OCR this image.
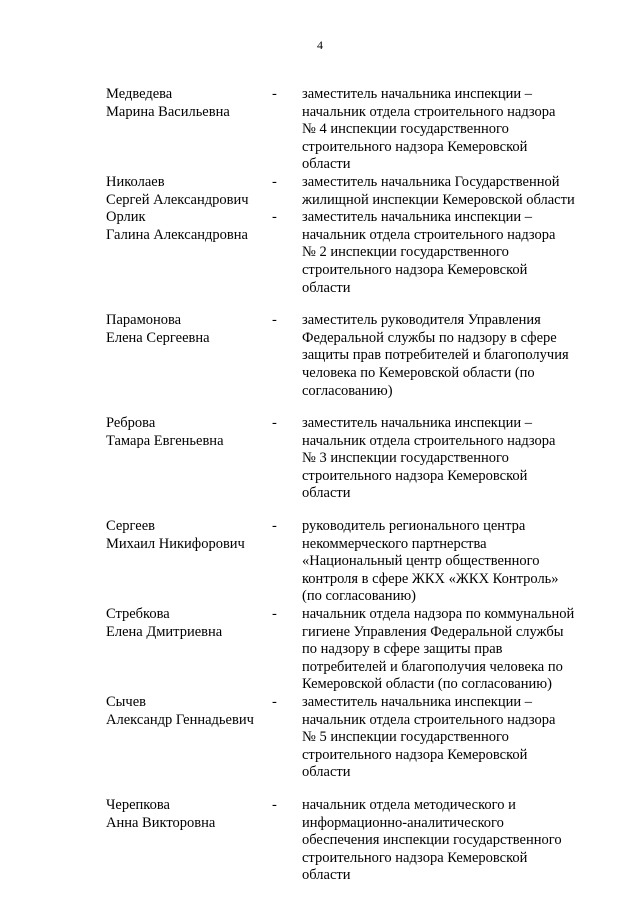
4
Медведева
Марина Васильевна
-	заместитель начальника инспекции –
начальник отдела строительного надзора
№ 4 инспекции государственного
строительного надзора Кемеровской
области
Николаев
Сергей Александрович
-	заместитель начальника Государственной
жилищной инспекции Кемеровской области
Орлик
Галина Александровна
-	заместитель начальника инспекции –
начальник отдела строительного надзора
№ 2 инспекции государственного
строительного надзора Кемеровской
области
Парамонова
Елена Сергеевна
-	заместитель руководителя Управления
Федеральной службы по надзору в сфере
защиты прав потребителей и благополучия
человека по Кемеровской области (по
согласованию)
Реброва
Тамара Евгеньевна
-	заместитель начальника инспекции –
начальник отдела строительного надзора
№ 3 инспекции государственного
строительного надзора Кемеровской
области
Сергеев
Михаил Никифорович
-	руководитель регионального центра
некоммерческого партнерства
«Национальный центр общественного
контроля в сфере ЖКХ «ЖКХ Контроль»
(по согласованию)
Стребкова
Елена Дмитриевна
-	начальник отдела надзора по коммунальной
гигиене Управления Федеральной службы
по надзору в сфере защиты прав
потребителей и благополучия человека по
Кемеровской области (по согласованию)
Сычев
Александр Геннадьевич
-	заместитель начальника инспекции –
начальник отдела строительного надзора
№ 5 инспекции государственного
строительного надзора Кемеровской
области
Черепкова
Анна Викторовна
-	начальник отдела методического и
информационно-аналитического
обеспечения инспекции государственного
строительного надзора Кемеровской
области
